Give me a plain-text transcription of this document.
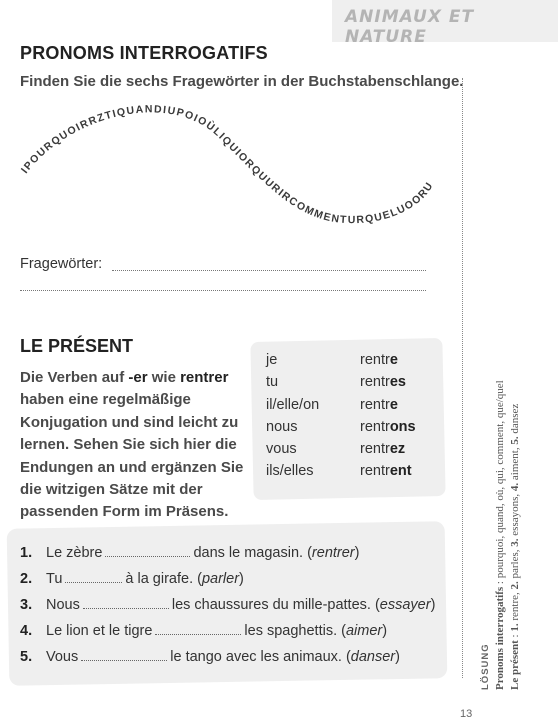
ANIMAUX ET NATURE
PRONOMS INTERROGATIFS
Finden Sie die sechs Fragewörter in der Buchstabenschlange.
IPOURQUOIRRZTIQUANDIUPOIOÙLIQUIORQUURIRCOMMENTURQUELUOORU
Fragewörter:
LE PRÉSENT
Die Verben auf -er wie rentrer haben eine regelmäßige Konjugation und sind leicht zu lernen. Sehen Sie sich hier die Endungen an und ergänzen Sie die witzigen Sätze mit der passenden Form im Präsens.
je	rentre
tu	rentres
il/elle/on	rentre
nous	rentrons
vous	rentrez
ils/elles	rentrent
1. Le zèbre	dans le magasin. (rentrer)
2. Tu	à la girafe. (parler)
3. Nous	les chaussures du mille-pattes. (essayer)
4. Le lion et le tigre	les spaghettis. (aimer)
5. Vous	le tango avec les animaux. (danser)	LÖSUNG Pronoms interrogatifs : pourquoi, quand, où, qui, comment, que/quel
Le présent : 1. rentre, 2. parles, 3. essayons, 4. aiment, 5. dansez
13
